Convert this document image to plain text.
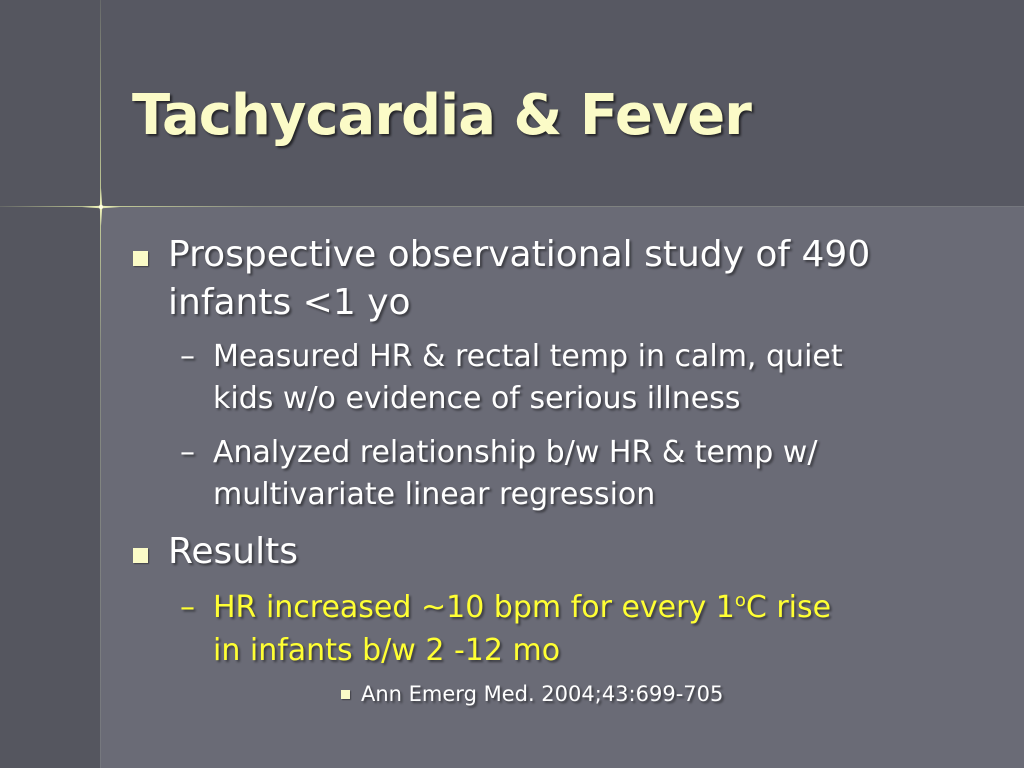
Tachycardia & Fever
Prospective observational study of 490
infants <1 yo
– Measured HR & rectal temp in calm, quiet
kids w/o evidence of serious illness
– Analyzed relationship b/w HR & temp w/
multivariate linear regression
Results
– HR increased ~10 bpm for every 1$^o$C rise
in infants b/w 2 -12 mo
Ann Emerg Med. 2004;43:699-705
